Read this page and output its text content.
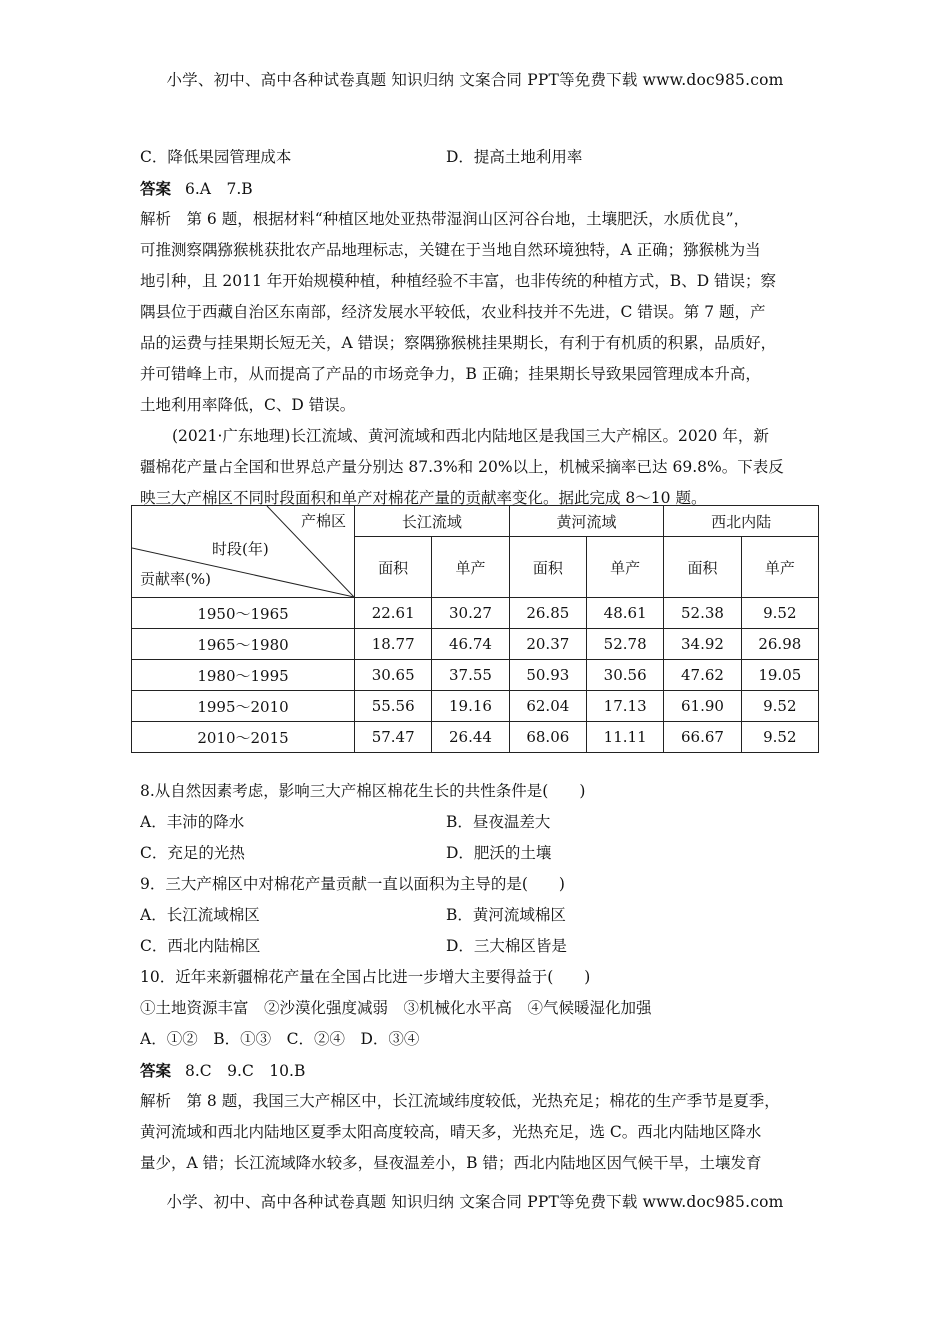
小学、初中、高中各种试卷真题 知识归纳 文案合同 PPT等免费下载 www.doc985.com
C．降低果园管理成本	D．提高土地利用率
答案 6.A　7.B
解析　第 6 题，根据材料“种植区地处亚热带湿润山区河谷台地，土壤肥沃，水质优良”，
可推测察隅猕猴桃获批农产品地理标志，关键在于当地自然环境独特，A 正确；猕猴桃为当
地引种，且 2011 年开始规模种植，种植经验不丰富，也非传统的种植方式，B、D 错误；察
隅县位于西藏自治区东南部，经济发展水平较低，农业科技并不先进，C 错误。第 7 题，产
品的运费与挂果期长短无关，A 错误；察隅猕猴桃挂果期长，有利于有机质的积累，品质好，
并可错峰上市，从而提高了产品的市场竞争力，B 正确；挂果期长导致果园管理成本升高，
土地利用率降低，C、D 错误。
(2021·广东地理)长江流域、黄河流域和西北内陆地区是我国三大产棉区。2020 年，新
疆棉花产量占全国和世界总产量分别达 87.3%和 20%以上，机械采摘率已达 69.8%。下表反
映三大产棉区不同时段面积和单产对棉花产量的贡献率变化。据此完成 8～10 题。
产棉区
时段(年)
贡献率(%)	长江流域		黄河流域		西北内陆	
	面积	单产	面积	单产	面积	单产
1950～1965	22.61	30.27	26.85	48.61	52.38	9.52
1965～1980	18.77	46.74	20.37	52.78	34.92	26.98
1980～1995	30.65	37.55	50.93	30.56	47.62	19.05
1995～2010	55.56	19.16	62.04	17.13	61.90	9.52
2010～2015	57.47	26.44	68.06	11.11	66.67	9.52
8.从自然因素考虑，影响三大产棉区棉花生长的共性条件是(　　)
A．丰沛的降水	B．昼夜温差大
C．充足的光热	D．肥沃的土壤
9．三大产棉区中对棉花产量贡献一直以面积为主导的是(　　)
A．长江流域棉区	B．黄河流域棉区
C．西北内陆棉区	D．三大棉区皆是
10．近年来新疆棉花产量在全国占比进一步增大主要得益于(　　)
①土地资源丰富　②沙漠化强度减弱　③机械化水平高　④气候暖湿化加强
A．①②　B．①③　C．②④　D．③④
答案 8.C　9.C　10.B
解析　第 8 题，我国三大产棉区中，长江流域纬度较低，光热充足；棉花的生产季节是夏季，
黄河流域和西北内陆地区夏季太阳高度较高，晴天多，光热充足，选 C。西北内陆地区降水
量少，A 错；长江流域降水较多，昼夜温差小，B 错；西北内陆地区因气候干旱，土壤发育
小学、初中、高中各种试卷真题 知识归纳 文案合同 PPT等免费下载 www.doc985.com
